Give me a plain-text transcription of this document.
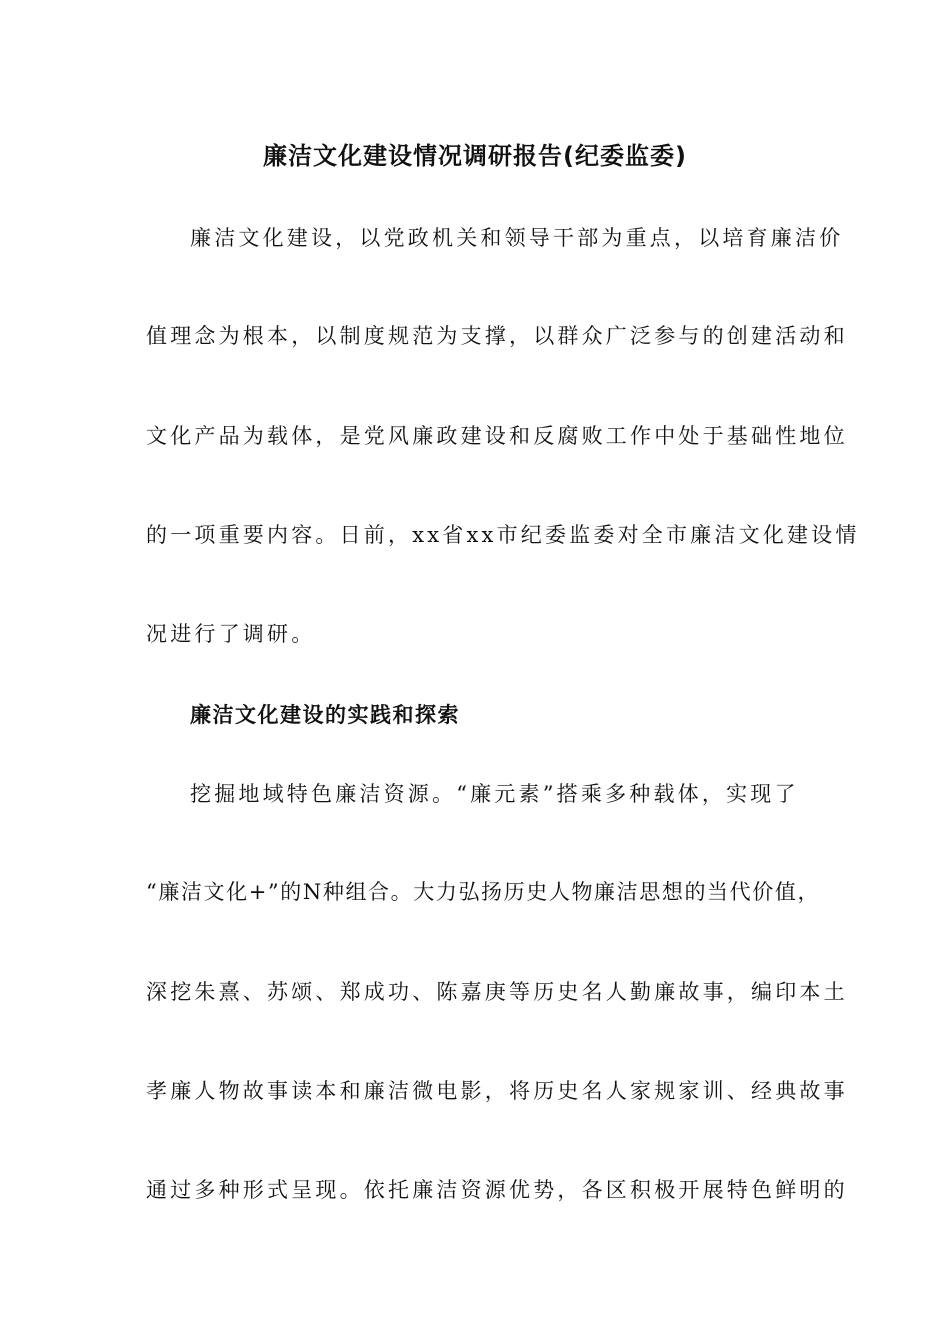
廉洁文化建设情况调研报告(纪委监委)
廉洁文化建设，以党政机关和领导干部为重点，以培育廉洁价
值理念为根本，以制度规范为支撑，以群众广泛参与的创建活动和
文化产品为载体，是党风廉政建设和反腐败工作中处于基础性地位
的一项重要内容。日前，xx省xx市纪委监委对全市廉洁文化建设情
况进行了调研。
廉洁文化建设的实践和探索
挖掘地域特色廉洁资源。“廉元素”搭乘多种载体，实现了
“廉洁文化+”的N种组合。大力弘扬历史人物廉洁思想的当代价值，
深挖朱熹、苏颂、郑成功、陈嘉庚等历史名人勤廉故事，编印本土
孝廉人物故事读本和廉洁微电影，将历史名人家规家训、经典故事
通过多种形式呈现。依托廉洁资源优势，各区积极开展特色鲜明的
